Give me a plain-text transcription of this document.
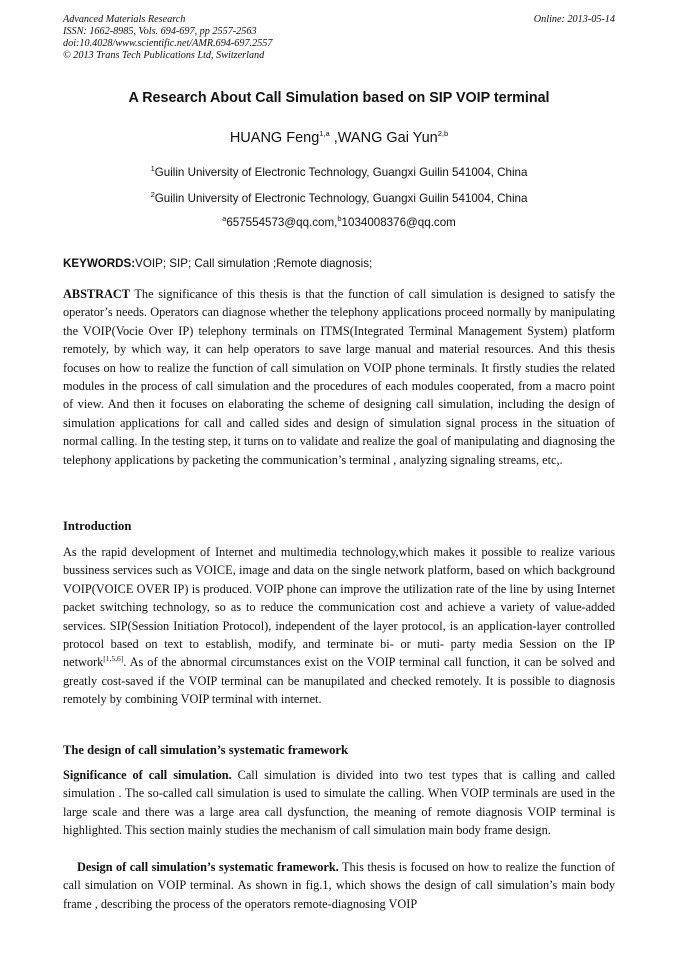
Advanced Materials Research
ISSN: 1662-8985, Vols. 694-697, pp 2557-2563
doi:10.4028/www.scientific.net/AMR.694-697.2557
© 2013 Trans Tech Publications Ltd, Switzerland
Online: 2013-05-14
A Research About Call Simulation based on SIP VOIP terminal
HUANG Feng$^{1,a}$ ,WANG Gai Yun$^{2,b}$
$^1$Guilin University of Electronic Technology, Guangxi Guilin 541004, China
$^2$Guilin University of Electronic Technology, Guangxi Guilin 541004, China
$^a$657554573@qq.com,$^b$1034008376@qq.com
KEYWORDS:VOIP; SIP; Call simulation ;Remote diagnosis;
ABSTRACT The significance of this thesis is that the function of call simulation is designed to satisfy the operator’s needs. Operators can diagnose whether the telephony applications proceed normally by manipulating the VOIP(Vocie Over IP) telephony terminals on ITMS(Integrated Terminal Management System) platform remotely, by which way, it can help operators to save large manual and material resources. And this thesis focuses on how to realize the function of call simulation on VOIP phone terminals. It firstly studies the related modules in the process of call simulation and the procedures of each modules cooperated, from a macro point of view. And then it focuses on elaborating the scheme of designing call simulation, including the design of simulation applications for call and called sides and design of simulation signal process in the situation of normal calling. In the testing step, it turns on to validate and realize the goal of manipulating and diagnosing the telephony applications by packeting the communication’s terminal , analyzing signaling streams, etc,.
Introduction
As the rapid development of Internet and multimedia technology,which makes it possible to realize various bussiness services such as VOICE, image and data on the single network platform, based on which background VOIP(VOICE OVER IP) is produced. VOIP phone can improve the utilization rate of the line by using Internet packet switching technology, so as to reduce the communication cost and achieve a variety of value-added services. SIP(Session Initiation Protocol), independent of the layer protocol, is an application-layer controlled protocol based on text to establish, modify, and terminate bi- or muti- party media Session on the IP network[1,5,6]. As of the abnormal circumstances exist on the VOIP terminal call function, it can be solved and greatly cost-saved if the VOIP terminal can be manupilated and checked remotely. It is possible to diagnosis remotely by combining VOIP terminal with internet.
The design of call simulation’s systematic framework
Significance of call simulation. Call simulation is divided into two test types that is calling and called simulation . The so-called call simulation is used to simulate the calling. When VOIP terminals are used in the large scale and there was a large area call dysfunction, the meaning of remote diagnosis VOIP terminal is highlighted. This section mainly studies the mechanism of call simulation main body frame design.
Design of call simulation’s systematic framework. This thesis is focused on how to realize the function of call simulation on VOIP terminal. As shown in fig.1, which shows the design of call simulation’s main body frame , describing the process of the operators remote-diagnosing VOIP
